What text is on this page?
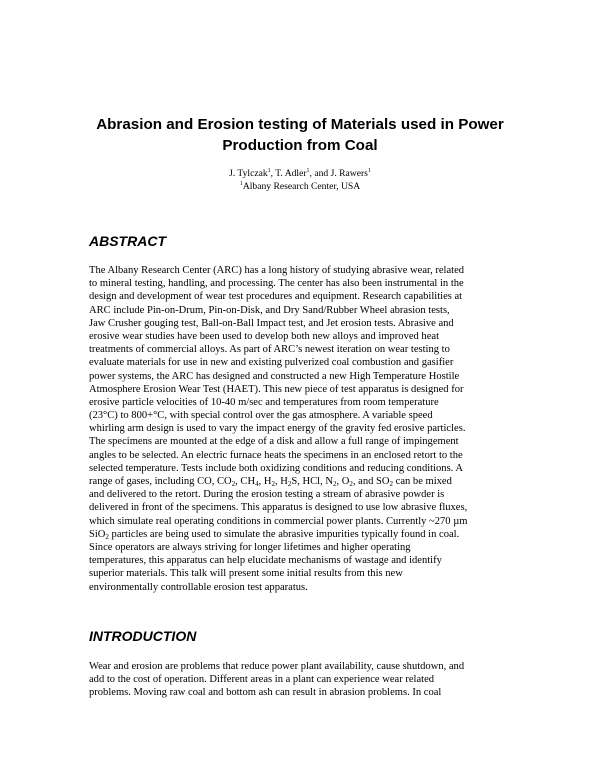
Abrasion and Erosion testing of Materials used in Power Production from Coal
J. Tylczak$^1$, T. Adler$^1$, and J. Rawers$^1$
$^1$Albany Research Center, USA
ABSTRACT
The Albany Research Center (ARC) has a long history of studying abrasive wear, related
to mineral testing, handling, and processing. The center has also been instrumental in the
design and development of wear test procedures and equipment. Research capabilities at
ARC include Pin-on-Drum, Pin-on-Disk, and Dry Sand/Rubber Wheel abrasion tests,
Jaw Crusher gouging test, Ball-on-Ball Impact test, and Jet erosion tests. Abrasive and
erosive wear studies have been used to develop both new alloys and improved heat
treatments of commercial alloys. As part of ARC’s newest iteration on wear testing to
evaluate materials for use in new and existing pulverized coal combustion and gasifier
power systems, the ARC has designed and constructed a new High Temperature Hostile
Atmosphere Erosion Wear Test (HAET). This new piece of test apparatus is designed for
erosive particle velocities of 10-40 m/sec and temperatures from room temperature
(23°C) to 800+°C, with special control over the gas atmosphere. A variable speed
whirling arm design is used to vary the impact energy of the gravity fed erosive particles.
The specimens are mounted at the edge of a disk and allow a full range of impingement
angles to be selected. An electric furnace heats the specimens in an enclosed retort to the
selected temperature. Tests include both oxidizing conditions and reducing conditions. A
range of gases, including CO, $CO_2$, $CH_4$, $H_2$, $H_2S$, HCl, $N_2$, $O_2$, and $SO_2$ can be mixed
and delivered to the retort. During the erosion testing a stream of abrasive powder is
delivered in front of the specimens. This apparatus is designed to use low abrasive fluxes,
which simulate real operating conditions in commercial power plants. Currently ~270 µm
SiO$_2$ particles are being used to simulate the abrasive impurities typically found in coal.
Since operators are always striving for longer lifetimes and higher operating
temperatures, this apparatus can help elucidate mechanisms of wastage and identify
superior materials. This talk will present some initial results from this new
environmentally controllable erosion test apparatus.
INTRODUCTION
Wear and erosion are problems that reduce power plant availability, cause shutdown, and
add to the cost of operation. Different areas in a plant can experience wear related
problems. Moving raw coal and bottom ash can result in abrasion problems. In coal
